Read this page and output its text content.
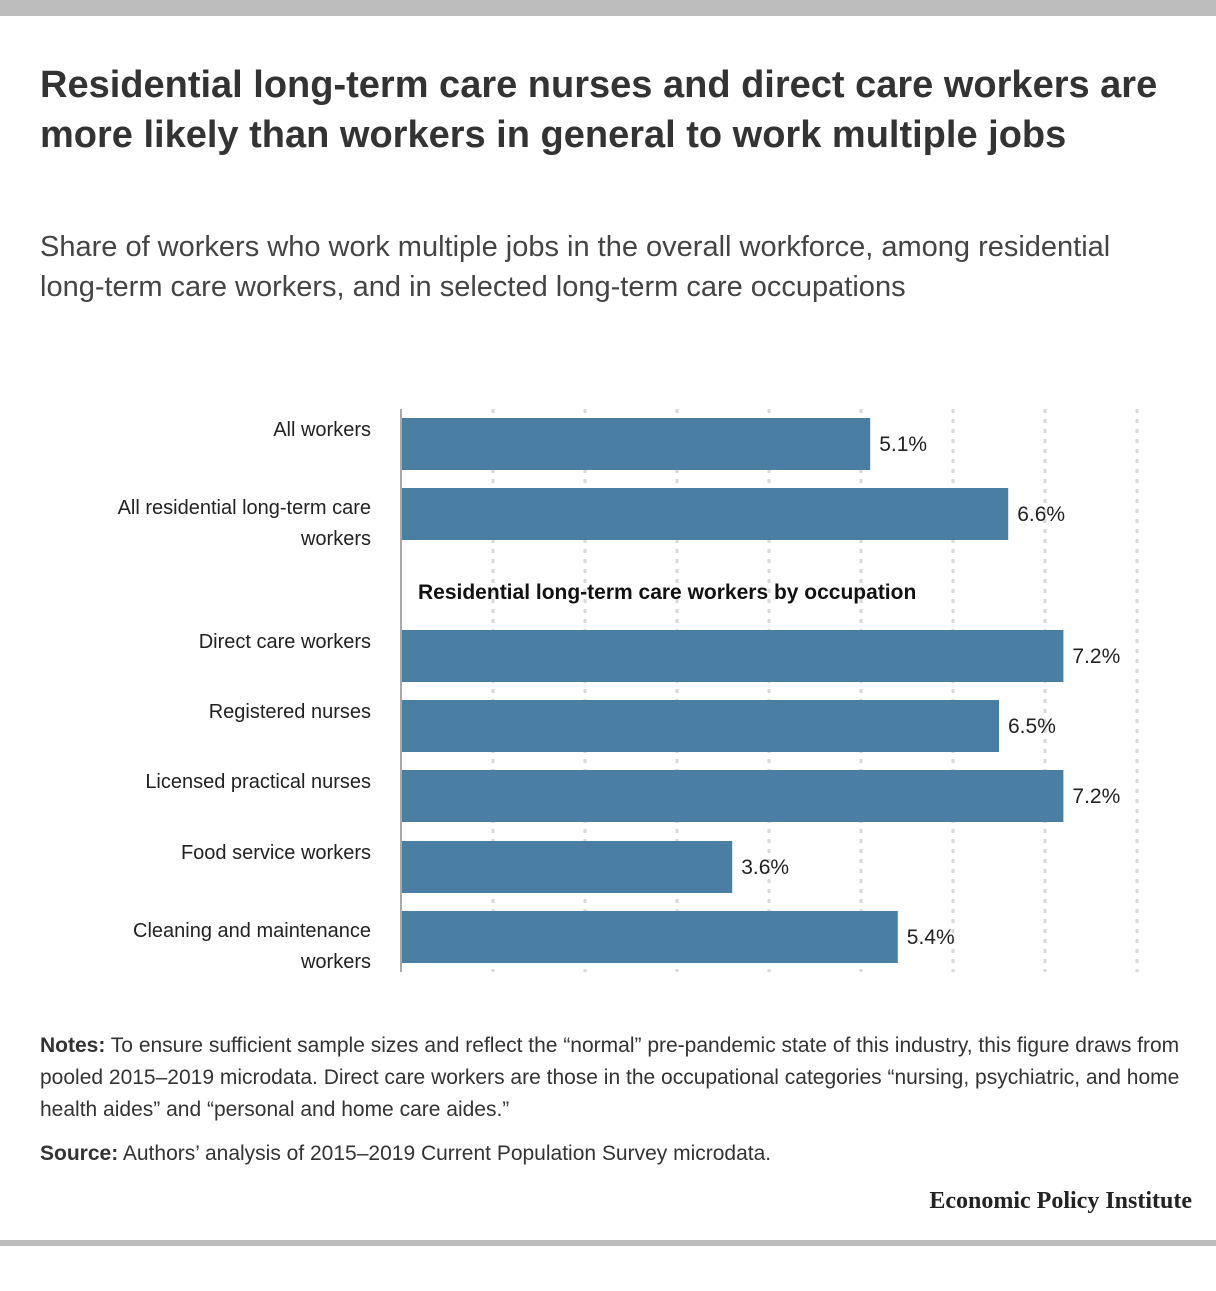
Residential long-term care nurses and direct care workers are more likely than workers in general to work multiple jobs

Share of workers who work multiple jobs in the overall workforce, among residential long-term care workers, and in selected long-term care occupations

All workers
All residential long-term care workers
Direct care workers
Registered nurses
Licensed practical nurses
Food service workers
Cleaning and maintenance workers
5.1%
6.6%
7.2%
6.5%
7.2%
3.6%
5.4%
Residential long-term care workers by occupation

Notes: To ensure sufficient sample sizes and reflect the “normal” pre-pandemic state of this industry, this figure draws from pooled 2015–2019 microdata. Direct care workers are those in the occupational categories “nursing, psychiatric, and home health aides” and “personal and home care aides.”

Source: Authors’ analysis of 2015–2019 Current Population Survey microdata.

Economic Policy Institute
